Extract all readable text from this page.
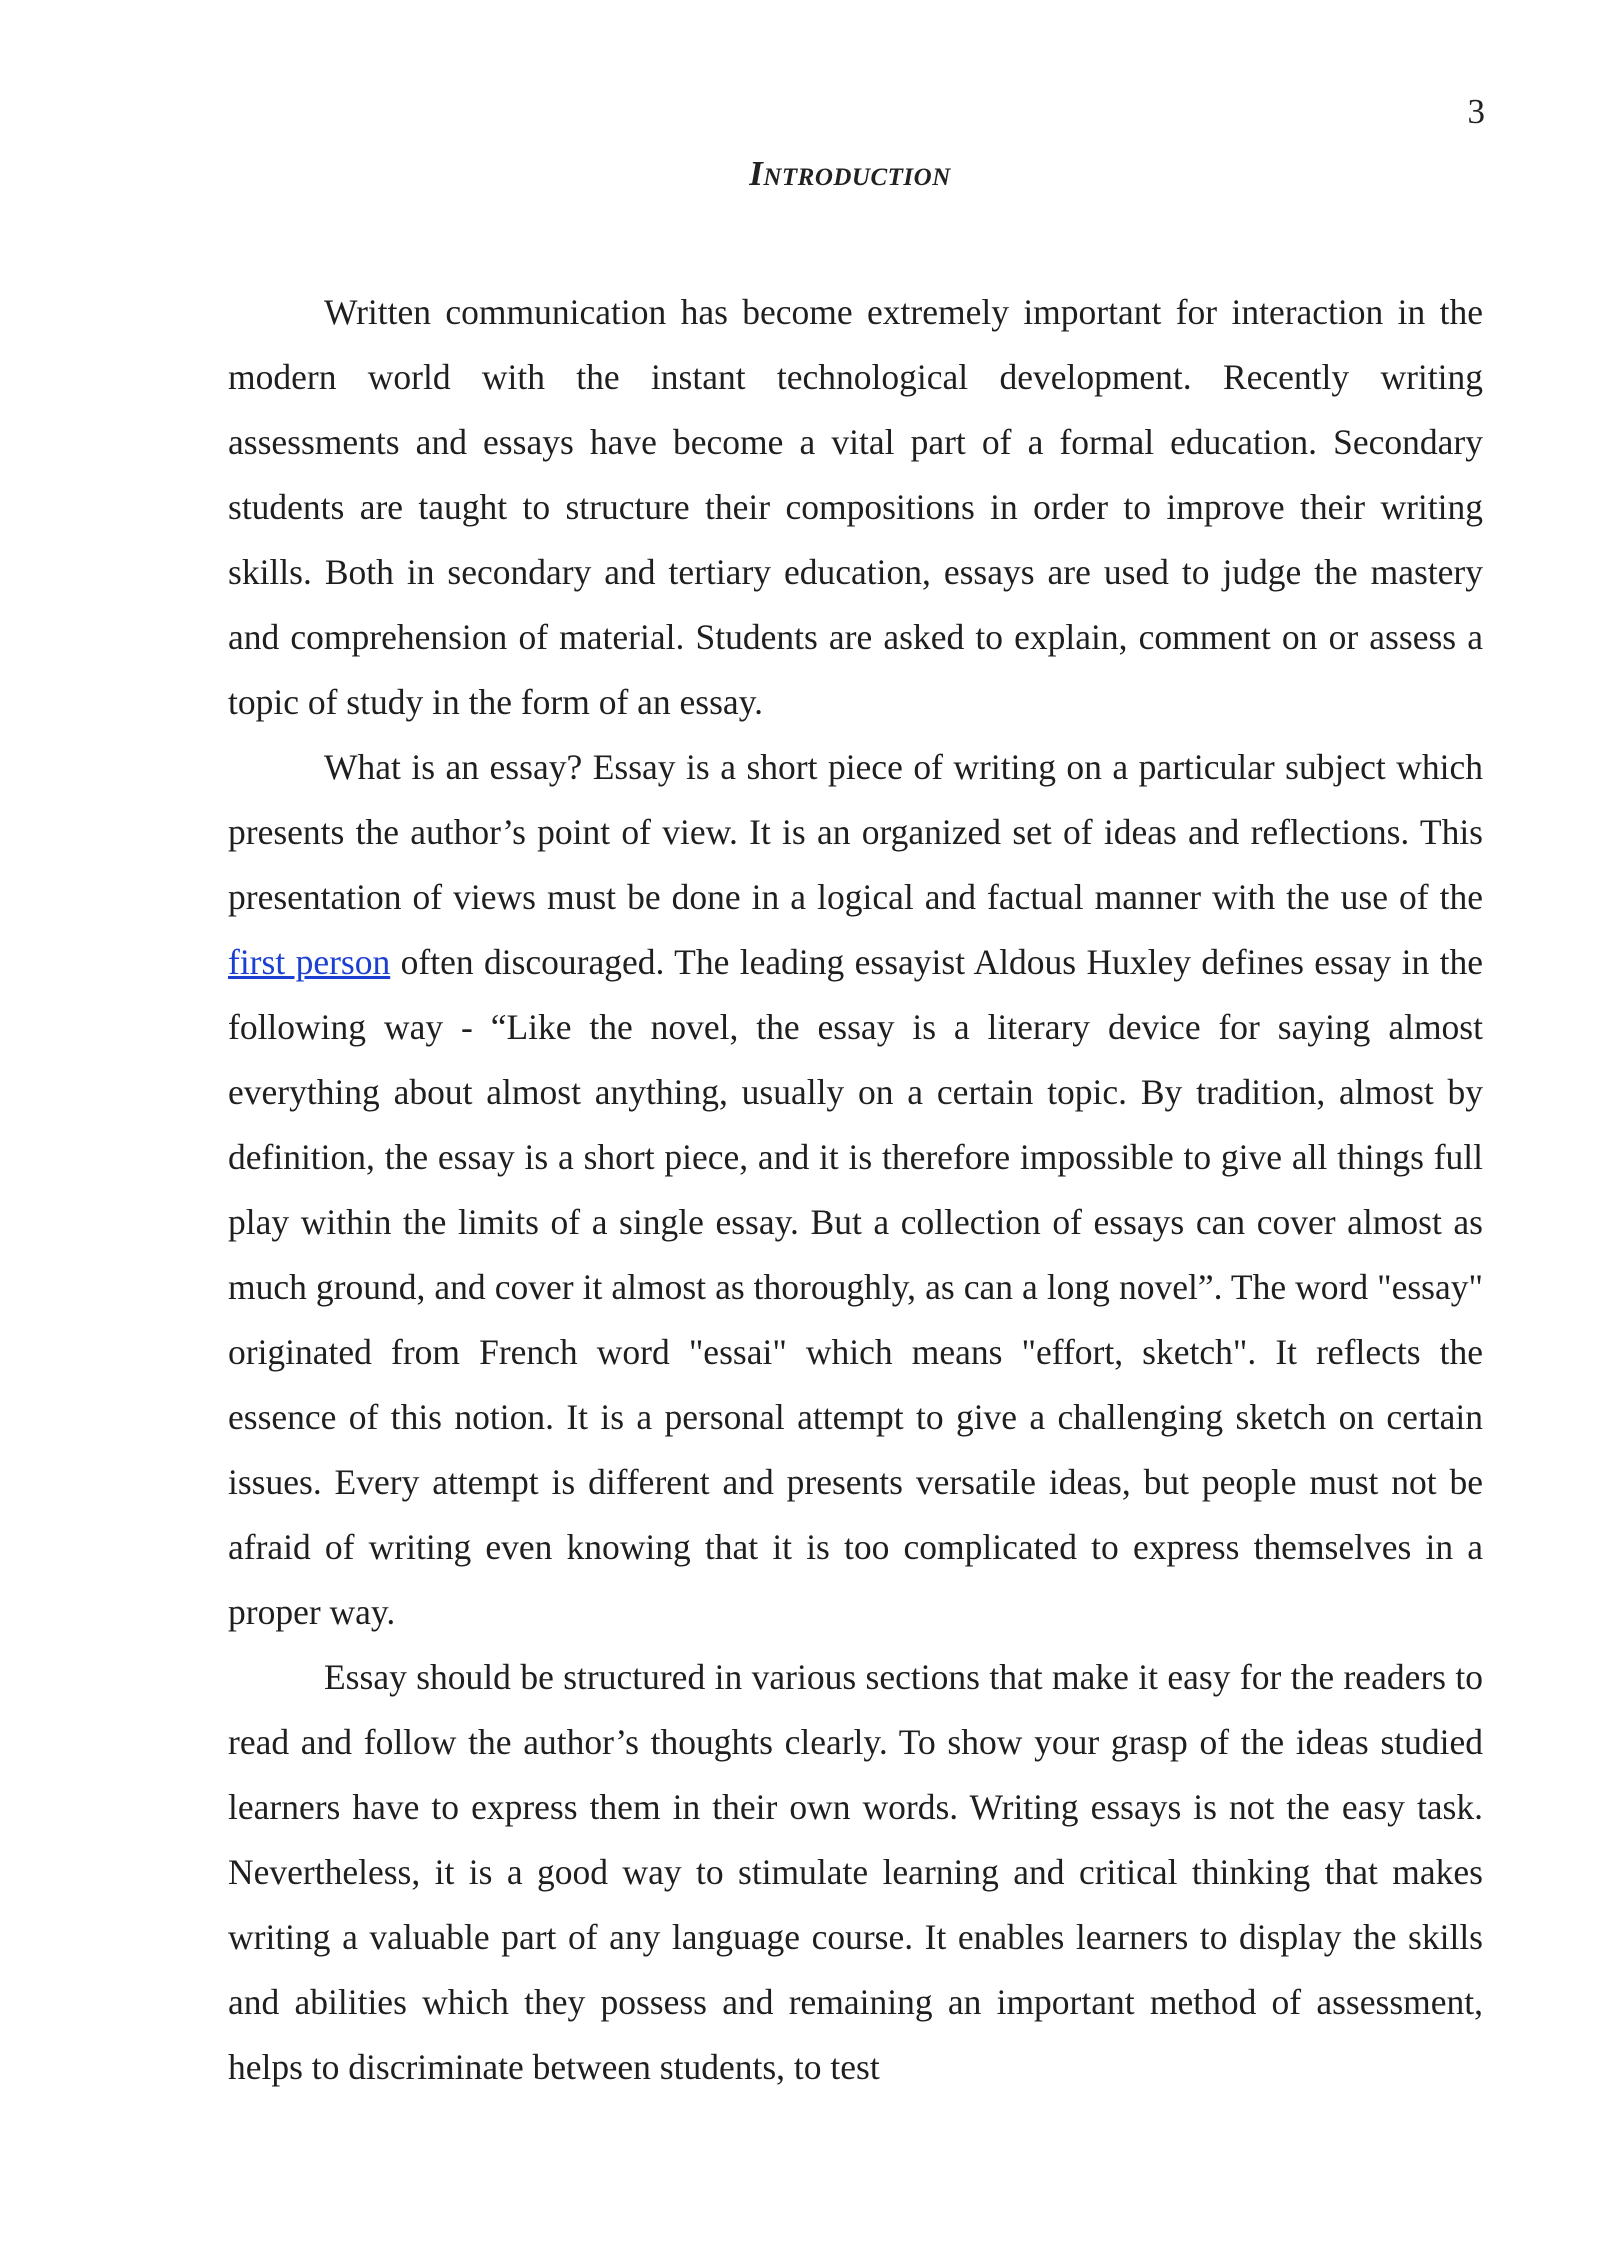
3
Introduction

Written communication has become extremely important for interaction in the modern world with the instant technological development. Recently writing assessments and essays have become a vital part of a formal education. Secondary students are taught to structure their compositions in order to improve their writing skills. Both in secondary and tertiary education, essays are used to judge the mastery and comprehension of material. Students are asked to explain, comment on or assess a topic of study in the form of an essay.

What is an essay? Essay is a short piece of writing on a particular subject which presents the author’s point of view. It is an organized set of ideas and reflections. This presentation of views must be done in a logical and factual manner with the use of the first person often discouraged. The leading essayist Aldous Huxley defines essay in the following way - “Like the novel, the essay is a literary device for saying almost everything about almost anything, usually on a certain topic. By tradition, almost by definition, the essay is a short piece, and it is therefore impossible to give all things full play within the limits of a single essay. But a collection of essays can cover almost as much ground, and cover it almost as thoroughly, as can a long novel”. The word "essay" originated from French word "essai" which means "effort, sketch". It reflects the essence of this notion. It is a personal attempt to give a challenging sketch on certain issues. Every attempt is different and presents versatile ideas, but people must not be afraid of writing even knowing that it is too complicated to express themselves in a proper way.

Essay should be structured in various sections that make it easy for the readers to read and follow the author’s thoughts clearly. To show your grasp of the ideas studied learners have to express them in their own words. Writing essays is not the easy task. Nevertheless, it is a good way to stimulate learning and critical thinking that makes writing a valuable part of any language course. It enables learners to display the skills and abilities which they possess and remaining an important method of assessment, helps to discriminate between students, to test
